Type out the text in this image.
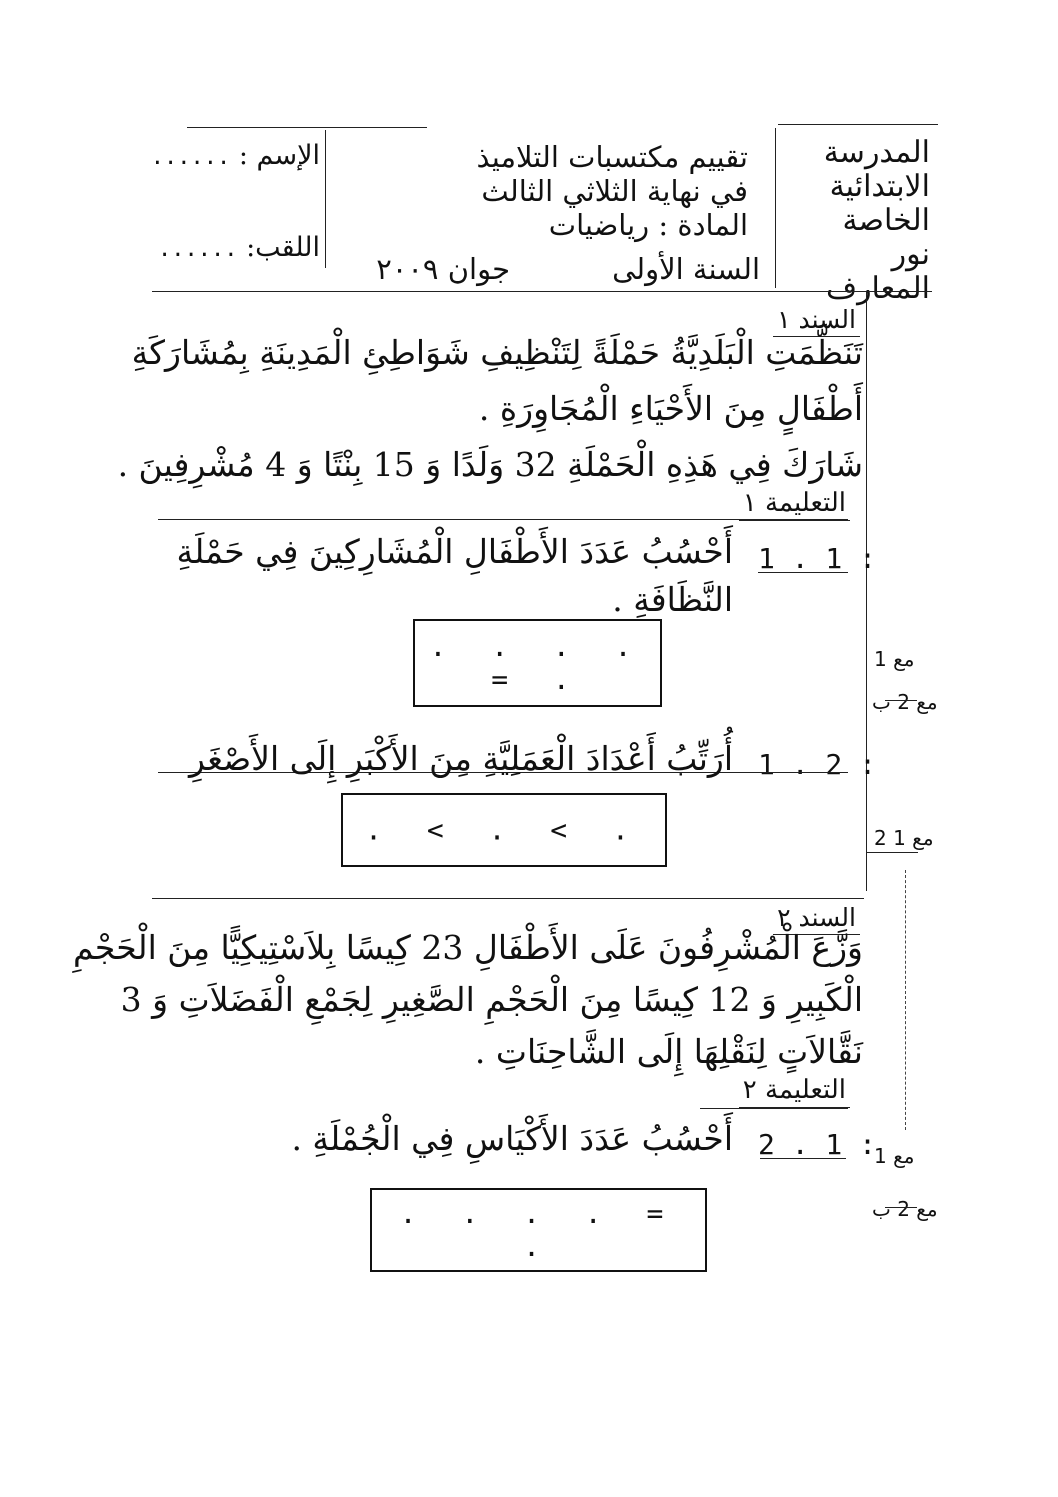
المدرسة
الابتدائية
الخاصة
نور المعارف
تقييم مكتسبات التلاميذ
في نهاية الثلاثي الثالث
المادة : رياضيات
السنة الأولى
جوان ٢٠٠٩
الإسم : ......
اللقب: ......
السند ١
تَنَظَّمَتِ الْبَلَدِيَّةُ حَمْلَةً لِتَنْظِيفِ شَوَاطِئِ الْمَدِينَةِ بِمُشَارَكَةِ
أَطْفَالٍ مِنَ الأَحْيَاءِ الْمُجَاوِرَةِ .
شَارَكَ فِي هَذِهِ الْحَمْلَةِ 32 وَلَدًا وَ 15 بِنْتًا وَ 4 مُشْرِفِينَ .
التعليمة ١
1 . 1 :
أَحْسُبُ عَدَدَ الأَطْفَالِ الْمُشَارِكِينَ فِي حَمْلَةِ
النَّظَافَةِ .
. . . . = .
مع 1
مع 2 ب
1 . 2 :
أُرَتِّبُ أَعْدَادَ الْعَمَلِيَّةِ مِنَ الأَكْبَرِ إِلَى الأَصْغَرِ
. < . < .	مع 1 2
السند ٢
وَزَّعَ الْمُشْرِفُونَ عَلَى الأَطْفَالِ 23 كِيسًا بِلاَسْتِيكِيًّا مِنَ الْحَجْمِ
الْكَبِيرِ وَ 12 كِيسًا مِنَ الْحَجْمِ الصَّغِيرِ لِجَمْعِ الْفَضَلاَتِ وَ 3
نَقَّالاَتٍ لِنَقْلِهَا إِلَى الشَّاحِنَاتِ .
التعليمة ٢
2 . 1 :
أَحْسُبُ عَدَدَ الأَكْيَاسِ فِي الْجُمْلَةِ .
. . . . = .
مع 1
مع 2 ب
